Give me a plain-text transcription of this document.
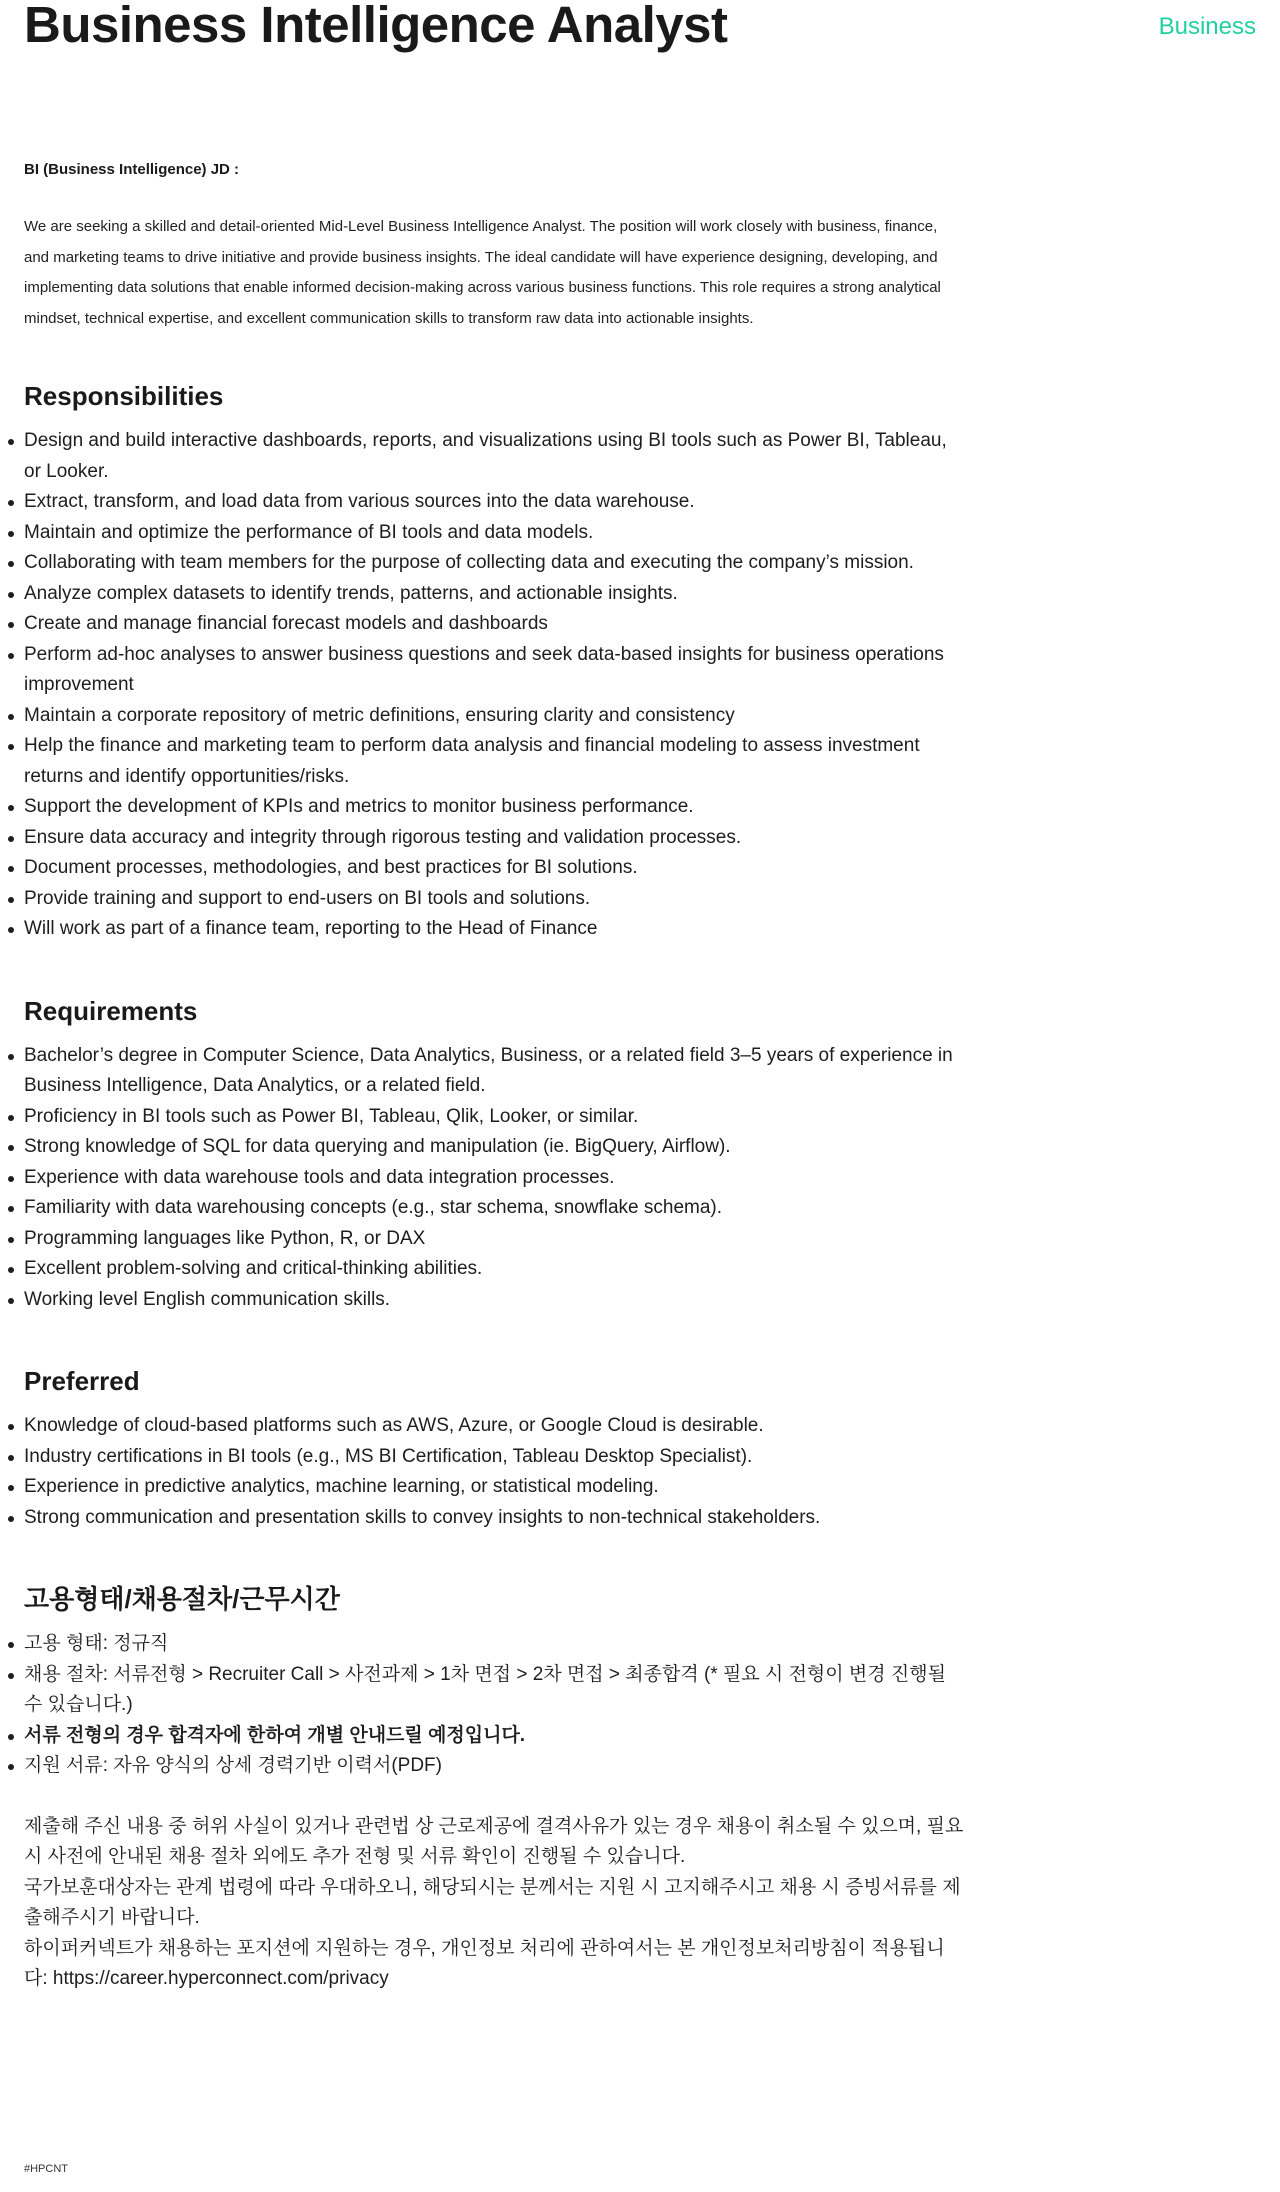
Business Intelligence Analyst	Business
BI (Business Intelligence) JD :

We are seeking a skilled and detail-oriented Mid-Level Business Intelligence Analyst. The position will work closely with business, finance, and marketing teams to drive initiative and provide business insights. The ideal candidate will have experience designing, developing, and implementing data solutions that enable informed decision-making across various business functions. This role requires a strong analytical mindset, technical expertise, and excellent communication skills to transform raw data into actionable insights.

Responsibilities
Design and build interactive dashboards, reports, and visualizations using BI tools such as Power BI, Tableau, or Looker.
Extract, transform, and load data from various sources into the data warehouse.
Maintain and optimize the performance of BI tools and data models.
Collaborating with team members for the purpose of collecting data and executing the company’s mission.
Analyze complex datasets to identify trends, patterns, and actionable insights.
Create and manage financial forecast models and dashboards
Perform ad-hoc analyses to answer business questions and seek data-based insights for business operations improvement
Maintain a corporate repository of metric definitions, ensuring clarity and consistency
Help the finance and marketing team to perform data analysis and financial modeling to assess investment returns and identify opportunities/risks.
Support the development of KPIs and metrics to monitor business performance.
Ensure data accuracy and integrity through rigorous testing and validation processes.
Document processes, methodologies, and best practices for BI solutions.
Provide training and support to end-users on BI tools and solutions.
Will work as part of a finance team, reporting to the Head of Finance
Requirements
Bachelor’s degree in Computer Science, Data Analytics, Business, or a related field 3–5 years of experience in Business Intelligence, Data Analytics, or a related field.
Proficiency in BI tools such as Power BI, Tableau, Qlik, Looker, or similar.
Strong knowledge of SQL for data querying and manipulation (ie. BigQuery, Airflow).
Experience with data warehouse tools and data integration processes.
Familiarity with data warehousing concepts (e.g., star schema, snowflake schema).
Programming languages like Python, R, or DAX
Excellent problem-solving and critical-thinking abilities.
Working level English communication skills.
Preferred
Knowledge of cloud-based platforms such as AWS, Azure, or Google Cloud is desirable.
Industry certifications in BI tools (e.g., MS BI Certification, Tableau Desktop Specialist).
Experience in predictive analytics, machine learning, or statistical modeling.
Strong communication and presentation skills to convey insights to non-technical stakeholders.
고용형태/채용절차/근무시간
고용 형태: 정규직
채용 절차: 서류전형 > Recruiter Call > 사전과제 > 1차 면접 > 2차 면접 > 최종합격 (* 필요 시 전형이 변경 진행될 수 있습니다.)
서류 전형의 경우 합격자에 한하여 개별 안내드릴 예정입니다.
지원 서류: 자유 양식의 상세 경력기반 이력서(PDF)

제출해 주신 내용 중 허위 사실이 있거나 관련법 상 근로제공에 결격사유가 있는 경우 채용이 취소될 수 있으며, 필요시 사전에 안내된 채용 절차 외에도 추가 전형 및 서류 확인이 진행될 수 있습니다.

국가보훈대상자는 관계 법령에 따라 우대하오니, 해당되시는 분께서는 지원 시 고지해주시고 채용 시 증빙서류를 제출해주시기 바랍니다.

하이퍼커넥트가 채용하는 포지션에 지원하는 경우, 개인정보 처리에 관하여서는 본 개인정보처리방침이 적용됩니다: https://career.hyperconnect.com/privacy

#HPCNT
